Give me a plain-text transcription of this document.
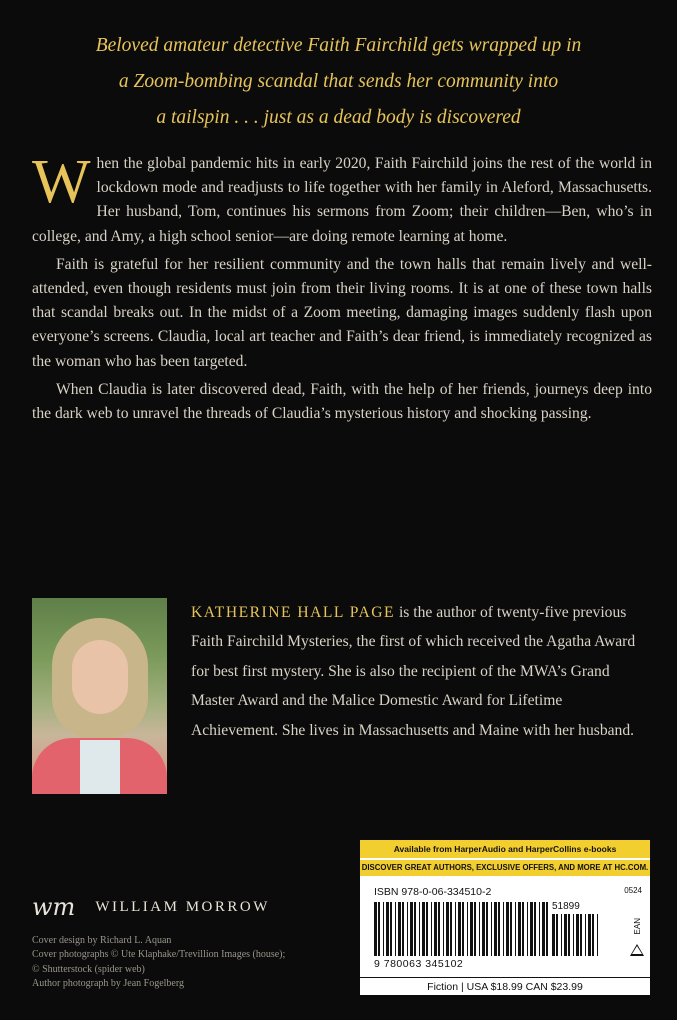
Beloved amateur detective Faith Fairchild gets wrapped up in
a Zoom-bombing scandal that sends her community into
a tailspin . . . just as a dead body is discovered

When the global pandemic hits in early 2020, Faith Fairchild joins the rest of the world in lockdown mode and readjusts to life together with her family in Aleford, Massachusetts. Her husband, Tom, continues his sermons from Zoom; their children—Ben, who’s in college, and Amy, a high school senior—are doing remote learning at home.

Faith is grateful for her resilient community and the town halls that remain lively and well-attended, even though residents must join from their living rooms. It is at one of these town halls that scandal breaks out. In the midst of a Zoom meeting, damaging images suddenly flash upon everyone’s screens. Claudia, local art teacher and Faith’s dear friend, is immediately recognized as the woman who has been targeted.

When Claudia is later discovered dead, Faith, with the help of her friends, journeys deep into the dark web to unravel the threads of Claudia’s mysterious history and shocking passing.

KATHERINE HALL PAGE is the author of twenty-five previous Faith Fairchild Mysteries, the first of which received the Agatha Award for best first mystery. She is also the recipient of the MWA’s Grand Master Award and the Malice Domestic Award for Lifetime Achievement. She lives in Massachusetts and Maine with her husband.
Available from HarperAudio and HarperCollins e-books
DISCOVER GREAT AUTHORS, EXCLUSIVE OFFERS, AND MORE AT HC.COM.
ISBN 978-0-06-334510-2	0524
51899
9 780063 345102
EAN
Fiction | USA $18.99 CAN $23.99
wm WILLIAM MORROW
Cover design by Richard L. Aquan
Cover photographs © Ute Klaphake/Trevillion Images (house);
© Shutterstock (spider web)
Author photograph by Jean Fogelberg
